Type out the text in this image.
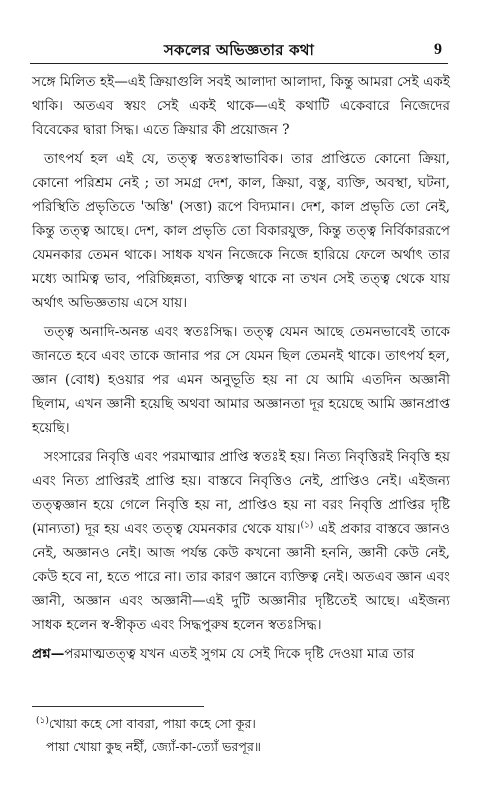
সকলের অভিজ্ঞতার কথা	9

সঙ্গে মিলিত হই—এই ক্রিয়াগুলি সবই আলাদা আলাদা, কিন্তু আমরা সেই একই থাকি। অতএব স্বয়ং সেই একই থাকে—এই কথাটি একেবারে নিজেদের বিবেকের দ্বারা সিদ্ধ। এতে ক্রিয়ার কী প্রয়োজন ?

তাৎপর্য হল এই যে, তত্ত্ব স্বতঃস্বাভাবিক। তার প্রাপ্তিতে কোনো ক্রিয়া, কোনো পরিশ্রম নেই ; তা সমগ্র দেশ, কাল, ক্রিয়া, বস্তু, ব্যক্তি, অবস্থা, ঘটনা, পরিস্থিতি প্রভৃতিতে 'অস্তি' (সত্তা) রূপে বিদ্যমান। দেশ, কাল প্রভৃতি তো নেই, কিন্তু তত্ত্ব আছে। দেশ, কাল প্রভৃতি তো বিকারযুক্ত, কিন্তু তত্ত্ব নির্বিকাররূপে যেমনকার তেমন থাকে। সাধক যখন নিজেকে নিজে হারিয়ে ফেলে অর্থাৎ তার মধ্যে আমিত্ব ভাব, পরিচ্ছিন্নতা, ব্যক্তিত্ব থাকে না তখন সেই তত্ত্ব থেকে যায় অর্থাৎ অভিজ্ঞতায় এসে যায়।

তত্ত্ব অনাদি-অনন্ত এবং স্বতঃসিদ্ধ। তত্ত্ব যেমন আছে তেমনভাবেই তাকে জানতে হবে এবং তাকে জানার পর সে যেমন ছিল তেমনই থাকে। তাৎপর্য হল, জ্ঞান (বোধ) হওয়ার পর এমন অনুভূতি হয় না যে আমি এতদিন অজ্ঞানী ছিলাম, এখন জ্ঞানী হয়েছি অথবা আমার অজ্ঞানতা দূর হয়েছে আমি জ্ঞানপ্রাপ্ত হয়েছি।

সংসারের নিবৃত্তি এবং পরমাত্মার প্রাপ্তি স্বতঃই হয়। নিত্য নিবৃত্তিরই নিবৃত্তি হয় এবং নিত্য প্রাপ্তিরই প্রাপ্তি হয়। বাস্তবে নিবৃত্তিও নেই, প্রাপ্তিও নেই। এইজন্য তত্ত্বজ্ঞান হয়ে গেলে নিবৃত্তি হয় না, প্রাপ্তিও হয় না বরং নিবৃত্তি প্রাপ্তির দৃষ্টি (মান্যতা) দূর হয় এবং তত্ত্ব যেমনকার থেকে যায়।$^{(১)}$ এই প্রকার বাস্তবে জ্ঞানও নেই, অজ্ঞানও নেই। আজ পর্যন্ত কেউ কখনো জ্ঞানী হননি, জ্ঞানী কেউ নেই, কেউ হবে না, হতে পারে না। তার কারণ জ্ঞানে ব্যক্তিত্ব নেই। অতএব জ্ঞান এবং জ্ঞানী, অজ্ঞান এবং অজ্ঞানী—এই দুটি অজ্ঞানীর দৃষ্টিতেই আছে। এইজন্য সাধক হলেন স্ব-স্বীকৃত এবং সিদ্ধপুরুষ হলেন স্বতঃসিদ্ধ।

প্রশ্ন—পরমাত্মতত্ত্ব যখন এতই সুগম যে সেই দিকে দৃষ্টি দেওয়া মাত্র তার

$^{(১)}$খোয়া কহে সো বাবরা, পায়া কহে সো কূর।
পায়া খোয়া কুছ নহীঁ, জ্যোঁ-কা-ত্যোঁ ভরপূর॥
